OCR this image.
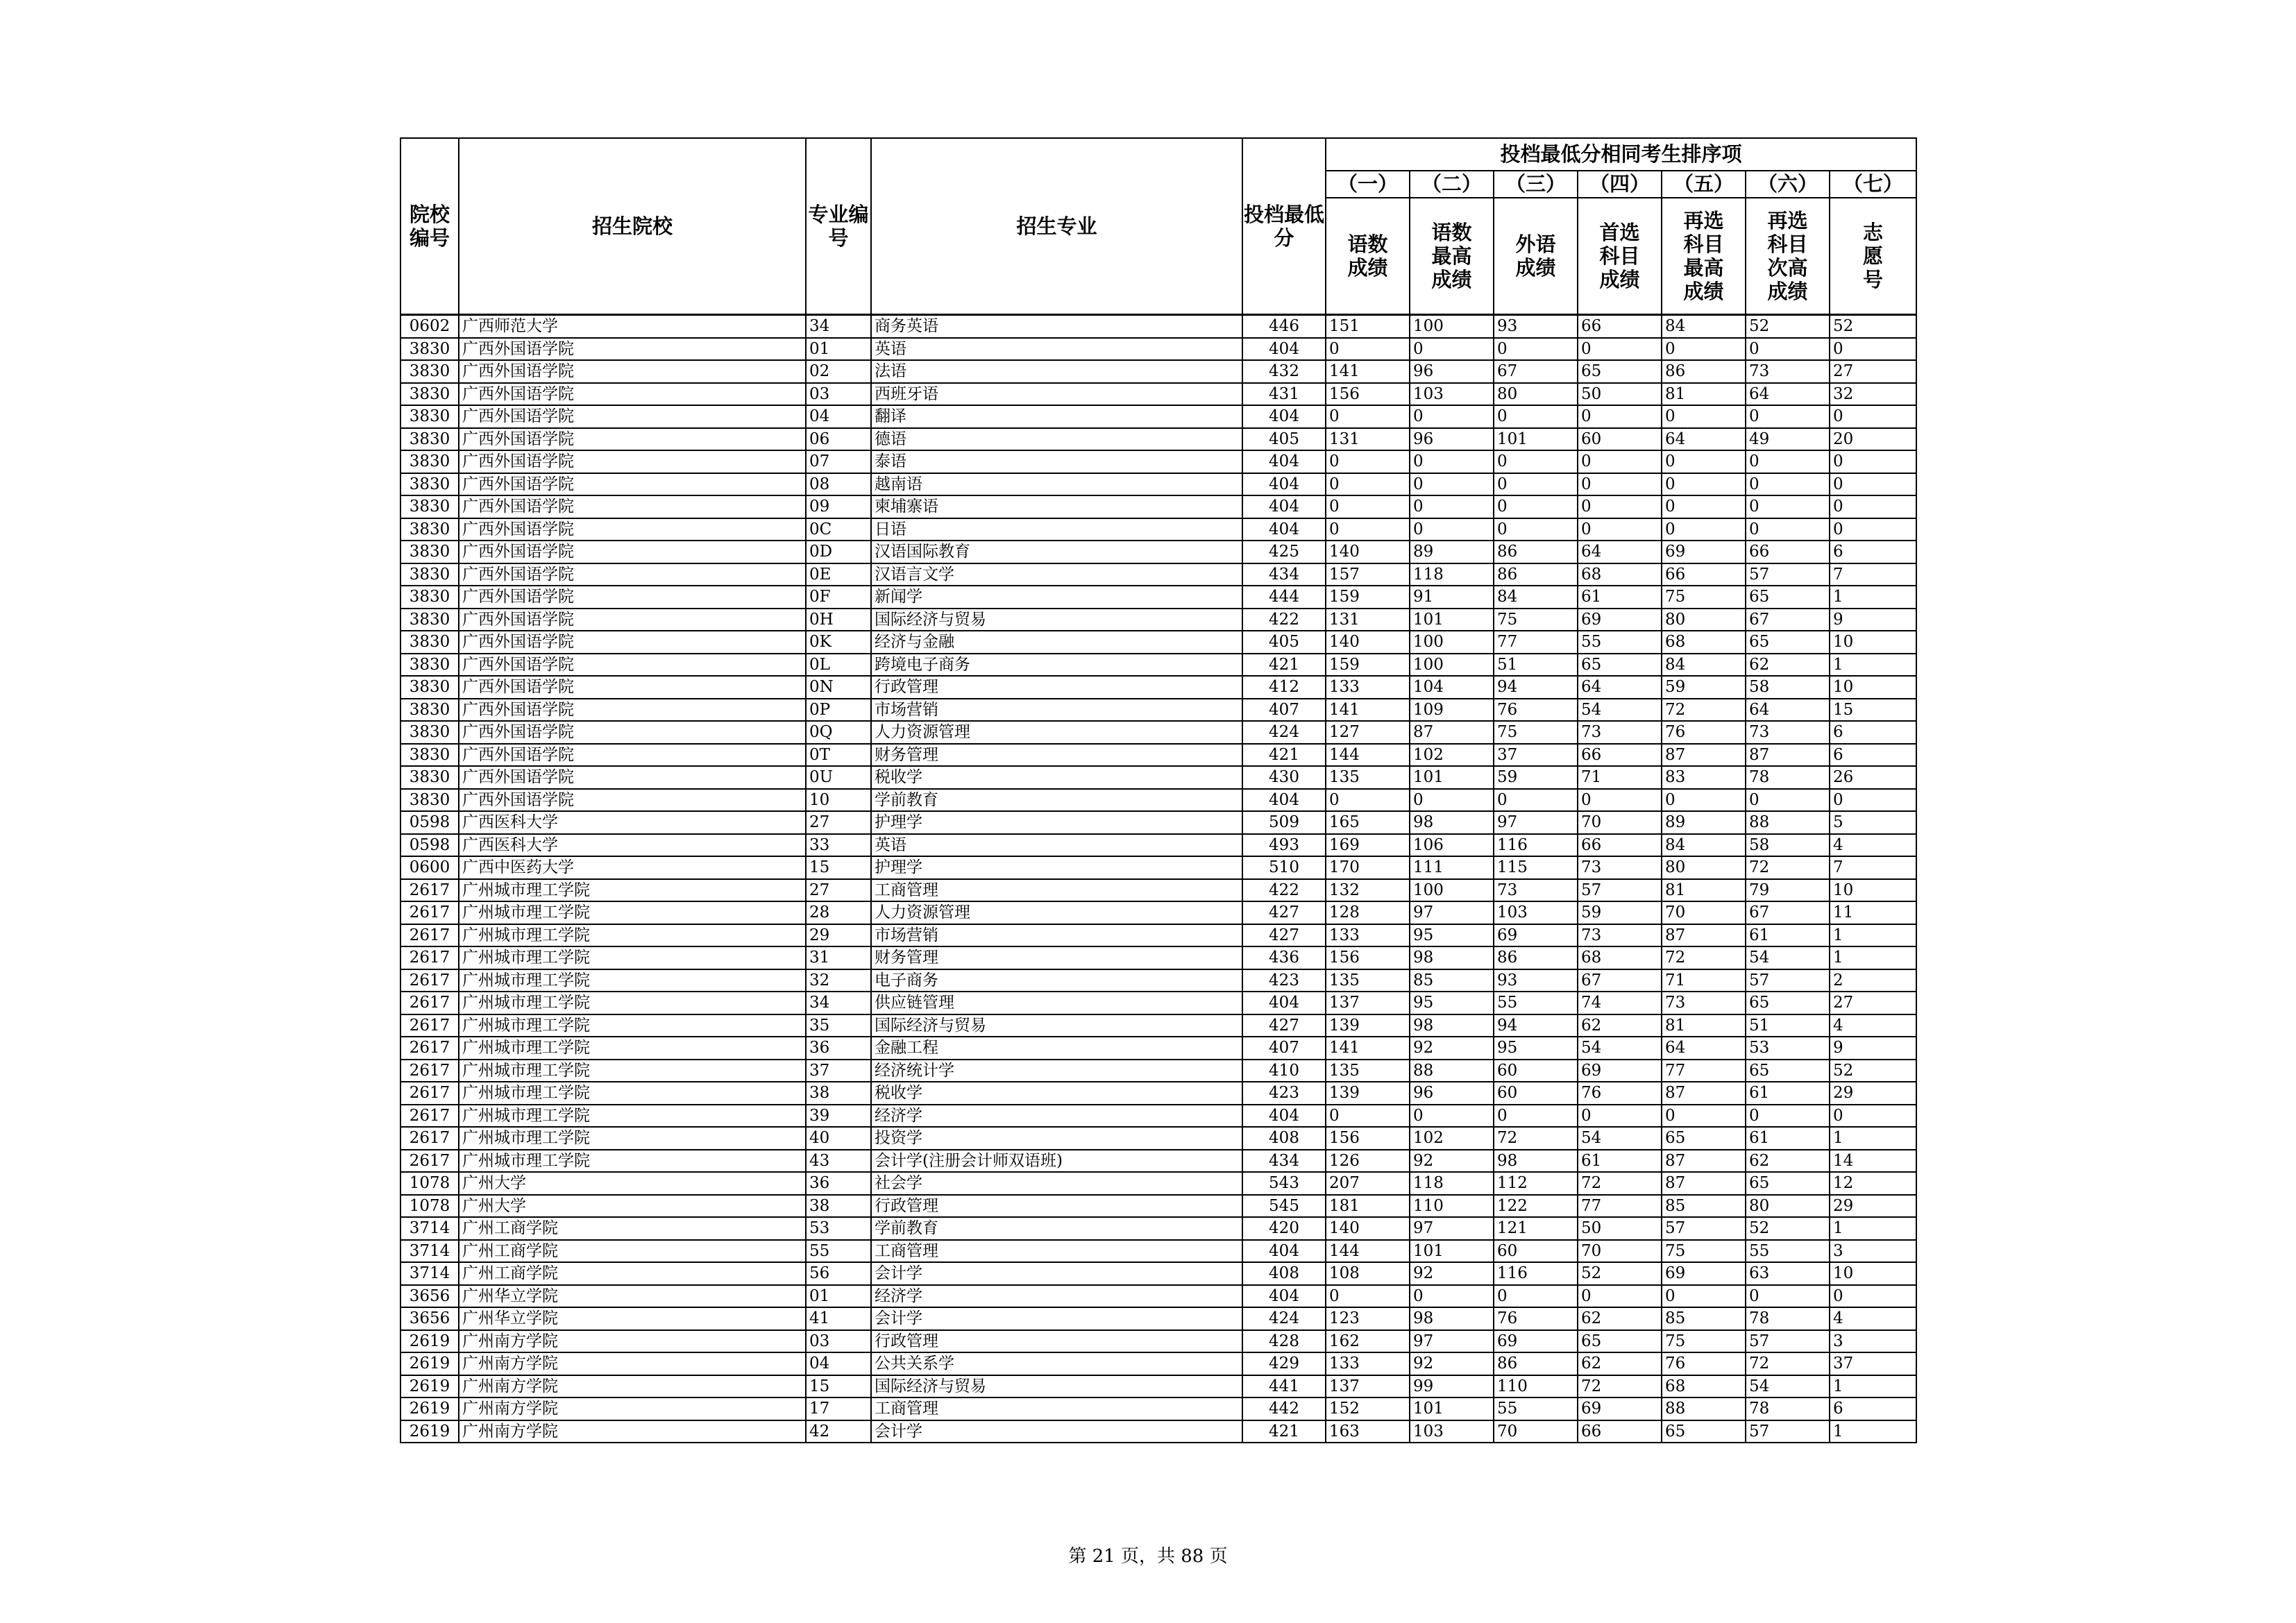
院校编号	招生院校	专业编号	招生专业	投档最低分	投档最低分相同考生排序项						
					（一）	（二）	（三）	（四）	（五）	（六）	（七）
					语数成绩	语数最高成绩	外语成绩	首选科目成绩	再选科目最高成绩	再选科目次高成绩	志愿号
0602	广西师范大学	34	商务英语	446	151	100	93	66	84	52	52
3830	广西外国语学院	01	英语	404	0	0	0	0	0	0	0
3830	广西外国语学院	02	法语	432	141	96	67	65	86	73	27
3830	广西外国语学院	03	西班牙语	431	156	103	80	50	81	64	32
3830	广西外国语学院	04	翻译	404	0	0	0	0	0	0	0
3830	广西外国语学院	06	德语	405	131	96	101	60	64	49	20
3830	广西外国语学院	07	泰语	404	0	0	0	0	0	0	0
3830	广西外国语学院	08	越南语	404	0	0	0	0	0	0	0
3830	广西外国语学院	09	柬埔寨语	404	0	0	0	0	0	0	0
3830	广西外国语学院	0C	日语	404	0	0	0	0	0	0	0
3830	广西外国语学院	0D	汉语国际教育	425	140	89	86	64	69	66	6
3830	广西外国语学院	0E	汉语言文学	434	157	118	86	68	66	57	7
3830	广西外国语学院	0F	新闻学	444	159	91	84	61	75	65	1
3830	广西外国语学院	0H	国际经济与贸易	422	131	101	75	69	80	67	9
3830	广西外国语学院	0K	经济与金融	405	140	100	77	55	68	65	10
3830	广西外国语学院	0L	跨境电子商务	421	159	100	51	65	84	62	1
3830	广西外国语学院	0N	行政管理	412	133	104	94	64	59	58	10
3830	广西外国语学院	0P	市场营销	407	141	109	76	54	72	64	15
3830	广西外国语学院	0Q	人力资源管理	424	127	87	75	73	76	73	6
3830	广西外国语学院	0T	财务管理	421	144	102	37	66	87	87	6
3830	广西外国语学院	0U	税收学	430	135	101	59	71	83	78	26
3830	广西外国语学院	10	学前教育	404	0	0	0	0	0	0	0
0598	广西医科大学	27	护理学	509	165	98	97	70	89	88	5
0598	广西医科大学	33	英语	493	169	106	116	66	84	58	4
0600	广西中医药大学	15	护理学	510	170	111	115	73	80	72	7
2617	广州城市理工学院	27	工商管理	422	132	100	73	57	81	79	10
2617	广州城市理工学院	28	人力资源管理	427	128	97	103	59	70	67	11
2617	广州城市理工学院	29	市场营销	427	133	95	69	73	87	61	1
2617	广州城市理工学院	31	财务管理	436	156	98	86	68	72	54	1
2617	广州城市理工学院	32	电子商务	423	135	85	93	67	71	57	2
2617	广州城市理工学院	34	供应链管理	404	137	95	55	74	73	65	27
2617	广州城市理工学院	35	国际经济与贸易	427	139	98	94	62	81	51	4
2617	广州城市理工学院	36	金融工程	407	141	92	95	54	64	53	9
2617	广州城市理工学院	37	经济统计学	410	135	88	60	69	77	65	52
2617	广州城市理工学院	38	税收学	423	139	96	60	76	87	61	29
2617	广州城市理工学院	39	经济学	404	0	0	0	0	0	0	0
2617	广州城市理工学院	40	投资学	408	156	102	72	54	65	61	1
2617	广州城市理工学院	43	会计学(注册会计师双语班)	434	126	92	98	61	87	62	14
1078	广州大学	36	社会学	543	207	118	112	72	87	65	12
1078	广州大学	38	行政管理	545	181	110	122	77	85	80	29
3714	广州工商学院	53	学前教育	420	140	97	121	50	57	52	1
3714	广州工商学院	55	工商管理	404	144	101	60	70	75	55	3
3714	广州工商学院	56	会计学	408	108	92	116	52	69	63	10
3656	广州华立学院	01	经济学	404	0	0	0	0	0	0	0
3656	广州华立学院	41	会计学	424	123	98	76	62	85	78	4
2619	广州南方学院	03	行政管理	428	162	97	69	65	75	57	3
2619	广州南方学院	04	公共关系学	429	133	92	86	62	76	72	37
2619	广州南方学院	15	国际经济与贸易	441	137	99	110	72	68	54	1
2619	广州南方学院	17	工商管理	442	152	101	55	69	88	78	6
2619	广州南方学院	42	会计学	421	163	103	70	66	65	57	1
第 21 页，共 88 页
